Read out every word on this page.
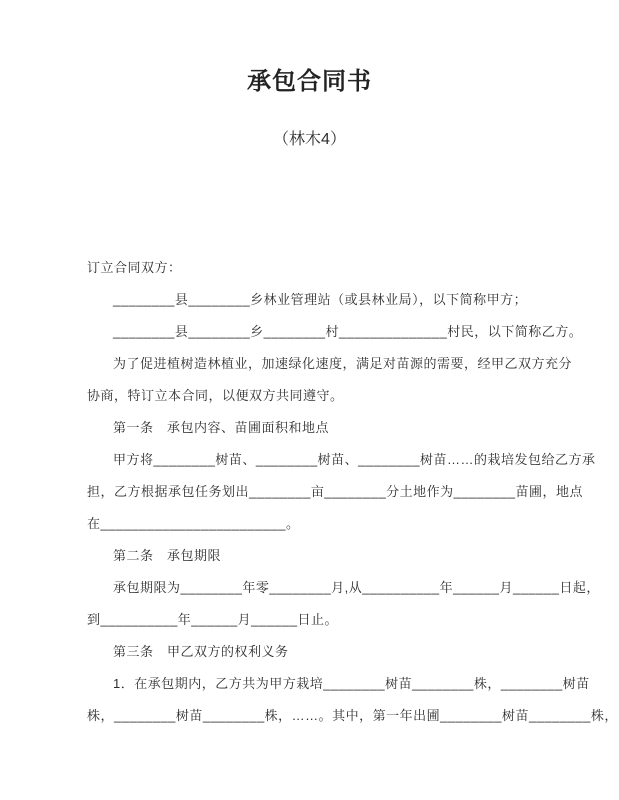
承包合同书
（林木4）
订立合同双方：
________县________乡林业管理站（或县林业局），以下简称甲方；
________县________乡________村______________村民，以下简称乙方。
为了促进植树造林植业，加速绿化速度，满足对苗源的需要，经甲乙双方充分
协商，特订立本合同，以便双方共同遵守。
第一条　承包内容、苗圃面积和地点
甲方将________树苗、________树苗、________树苗……的栽培发包给乙方承
担，乙方根据承包任务划出________亩________分土地作为________苗圃，地点
在________________________。
第二条　承包期限
承包期限为________年零________月,从__________年______月______日起，
到__________年______月______日止。
第三条　甲乙双方的权利义务
1．在承包期内，乙方共为甲方栽培________树苗________株，________树苗
株，________树苗________株，……。其中，第一年出圃________树苗________株，
